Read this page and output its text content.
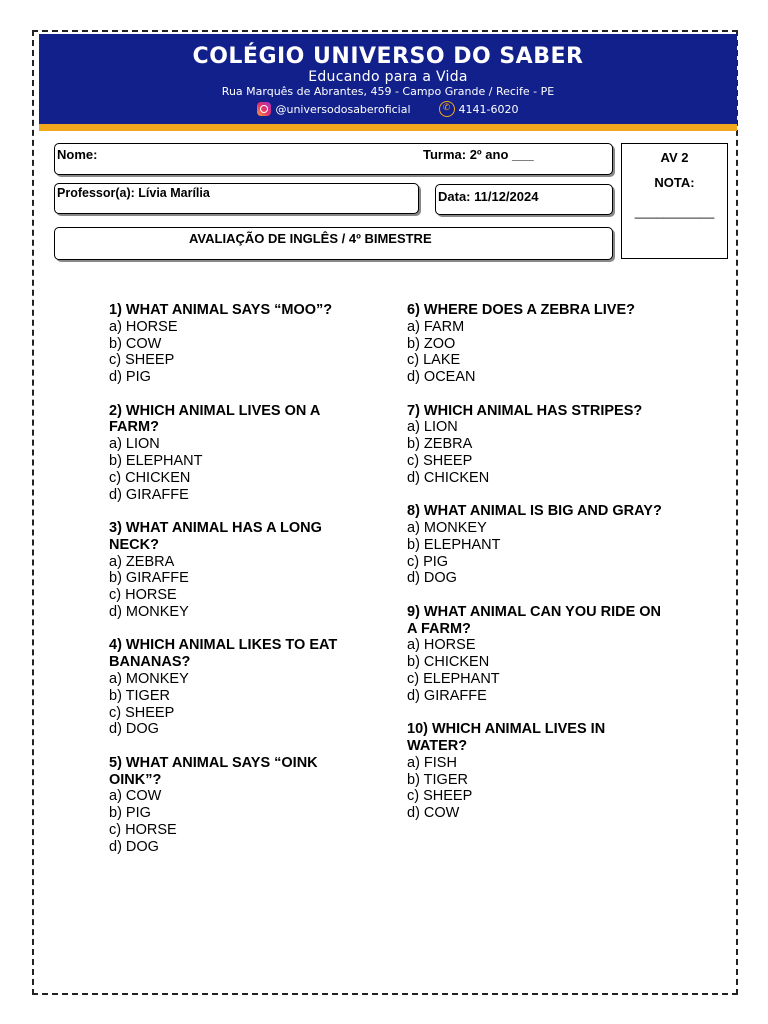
COLÉGIO UNIVERSO DO SABER
Educando para a Vida
Rua Marquês de Abrantes, 459 - Campo Grande / Recife - PE
@universodosaberoficial	✆ 4141-6020
Nome:	Turma: 2º ano ___
Professor(a): Lívia Marília	Data: 11/12/2024
AVALIAÇÃO DE INGLÊS / 4º BIMESTRE
AV 2
NOTA:
___________
1) WHAT ANIMAL SAYS “MOO”?
a) HORSE
b) COW
c) SHEEP
d) PIG
2) WHICH ANIMAL LIVES ON A FARM?
a) LION
b) ELEPHANT
c) CHICKEN
d) GIRAFFE
3) WHAT ANIMAL HAS A LONG NECK?
a) ZEBRA
b) GIRAFFE
c) HORSE
d) MONKEY
4) WHICH ANIMAL LIKES TO EAT BANANAS?
a) MONKEY
b) TIGER
c) SHEEP
d) DOG
5) WHAT ANIMAL SAYS “OINK OINK”?
a) COW
b) PIG
c) HORSE
d) DOG
6) WHERE DOES A ZEBRA LIVE?
a) FARM
b) ZOO
c) LAKE
d) OCEAN
7) WHICH ANIMAL HAS STRIPES?
a) LION
b) ZEBRA
c) SHEEP
d) CHICKEN
8) WHAT ANIMAL IS BIG AND GRAY?
a) MONKEY
b) ELEPHANT
c) PIG
d) DOG
9) WHAT ANIMAL CAN YOU RIDE ON A FARM?
a) HORSE
b) CHICKEN
c) ELEPHANT
d) GIRAFFE
10) WHICH ANIMAL LIVES IN WATER?
a) FISH
b) TIGER
c) SHEEP
d) COW
